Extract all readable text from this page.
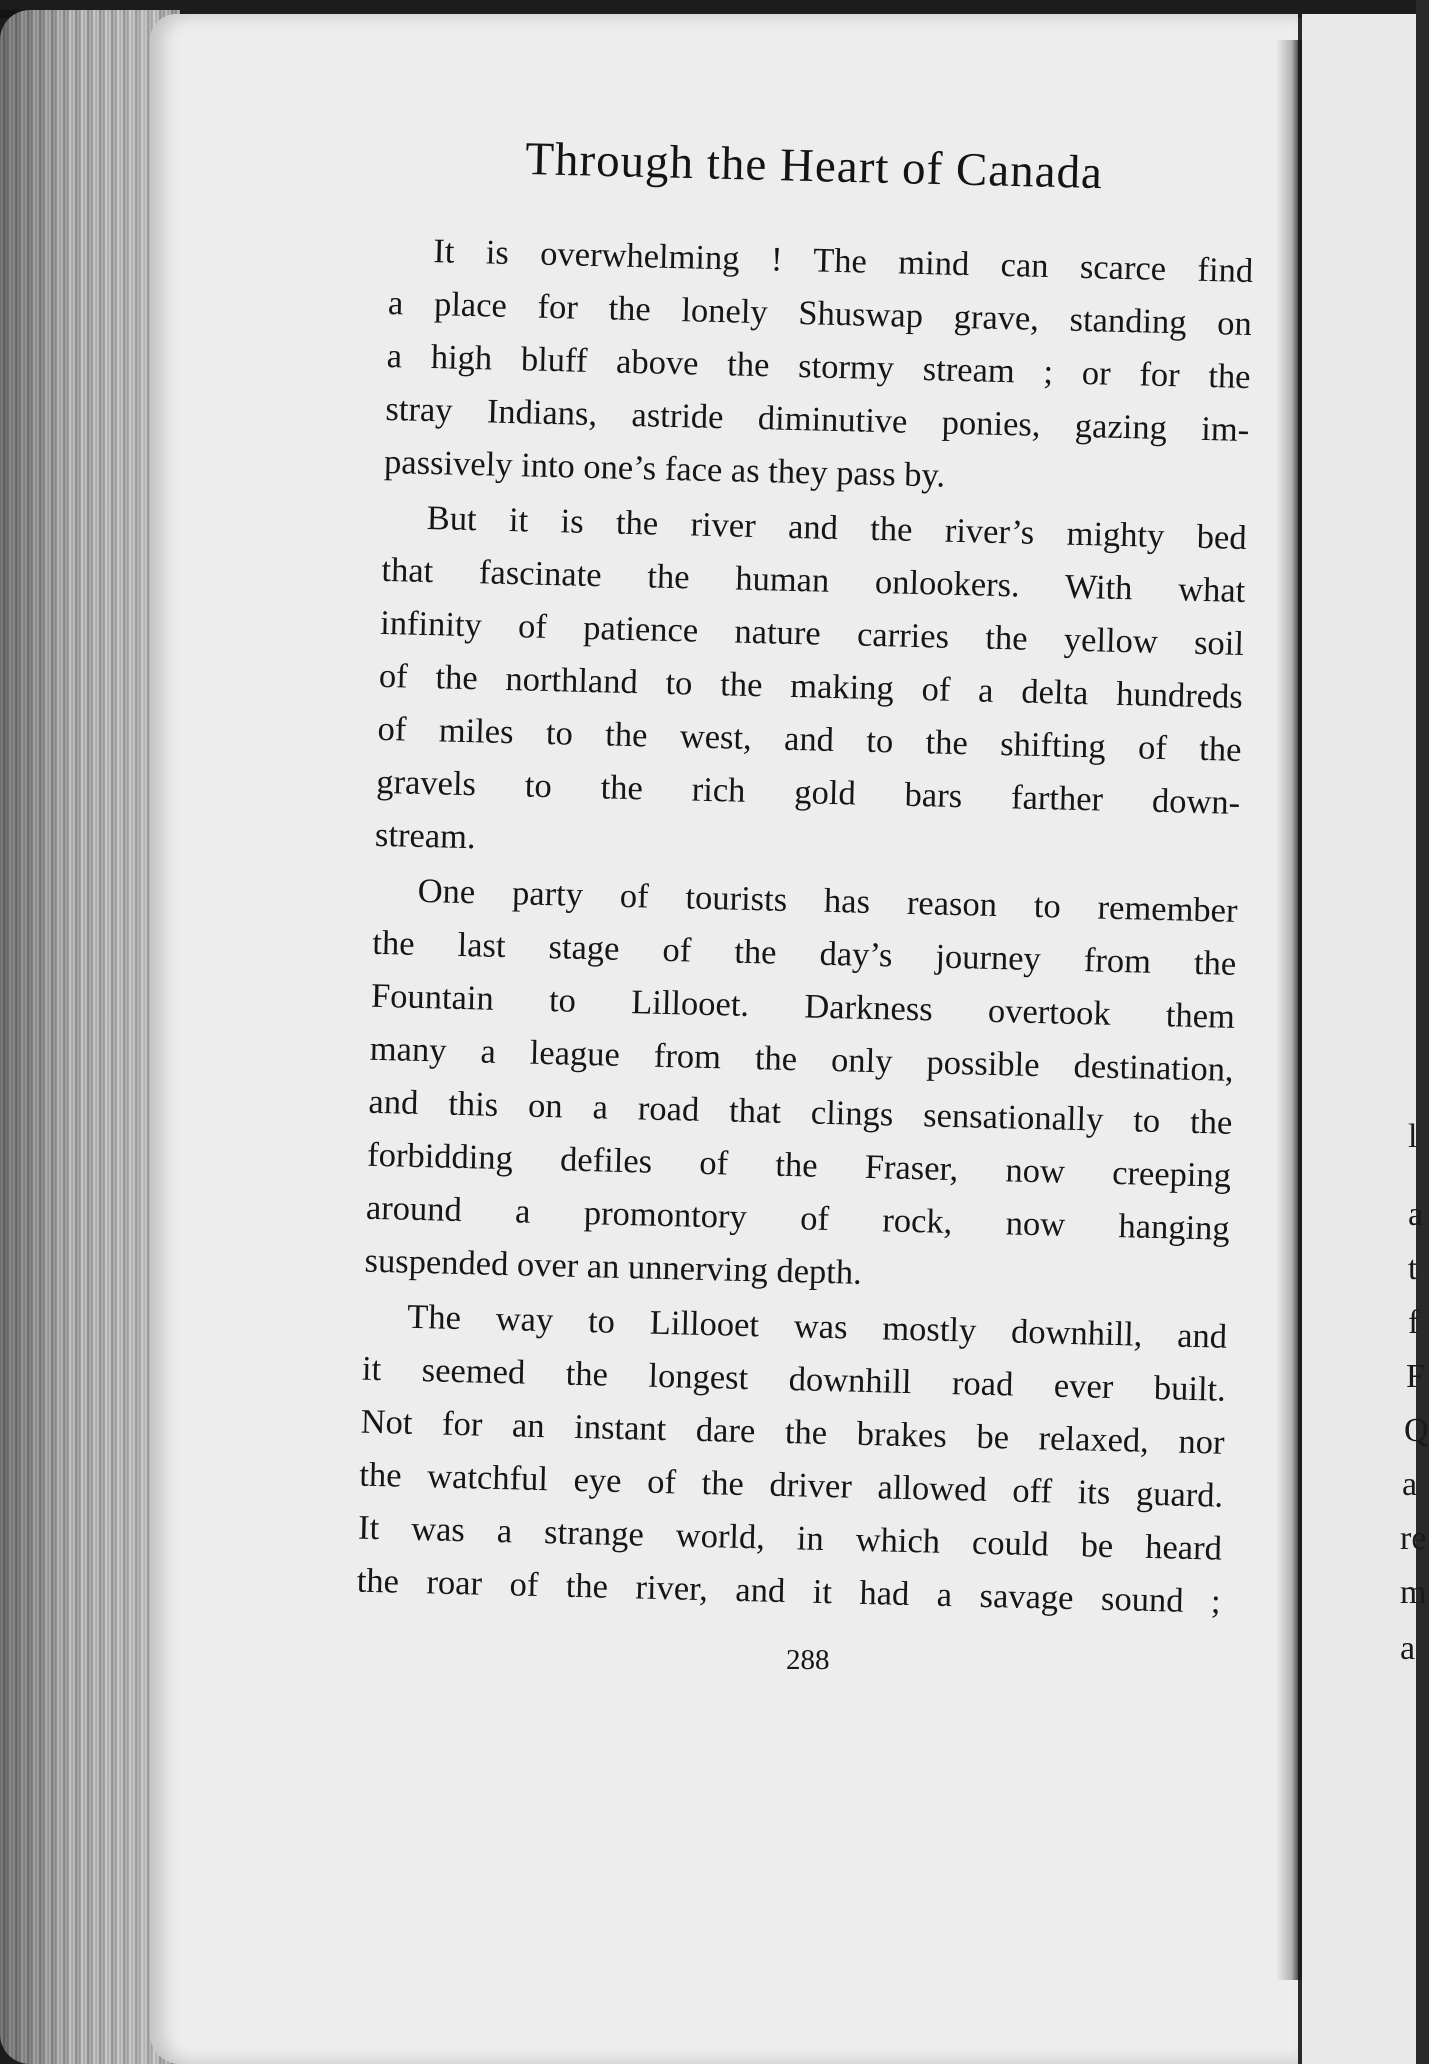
Through the Heart of Canada
It is overwhelming ! The mind can scarce find
a place for the lonely Shuswap grave, standing on
a high bluff above the stormy stream ; or for the
stray Indians, astride diminutive ponies, gazing im-
passively into one’s face as they pass by.
But it is the river and the river’s mighty bed
that fascinate the human onlookers. With what
infinity of patience nature carries the yellow soil
of the northland to the making of a delta hundreds
of miles to the west, and to the shifting of the
gravels to the rich gold bars farther down-
stream.
One party of tourists has reason to remember
the last stage of the day’s journey from the
Fountain to Lillooet. Darkness overtook them
many a league from the only possible destination,
and this on a road that clings sensationally to the
forbidding defiles of the Fraser, now creeping
around a promontory of rock, now hanging
suspended over an unnerving depth.
The way to Lillooet was mostly downhill, and
it seemed the longest downhill road ever built.
Not for an instant dare the brakes be relaxed, nor
the watchful eye of the driver allowed off its guard.
It was a strange world, in which could be heard
the roar of the river, and it had a savage sound ;
288
l
a
t
f
F
Q
a
re
m
a
